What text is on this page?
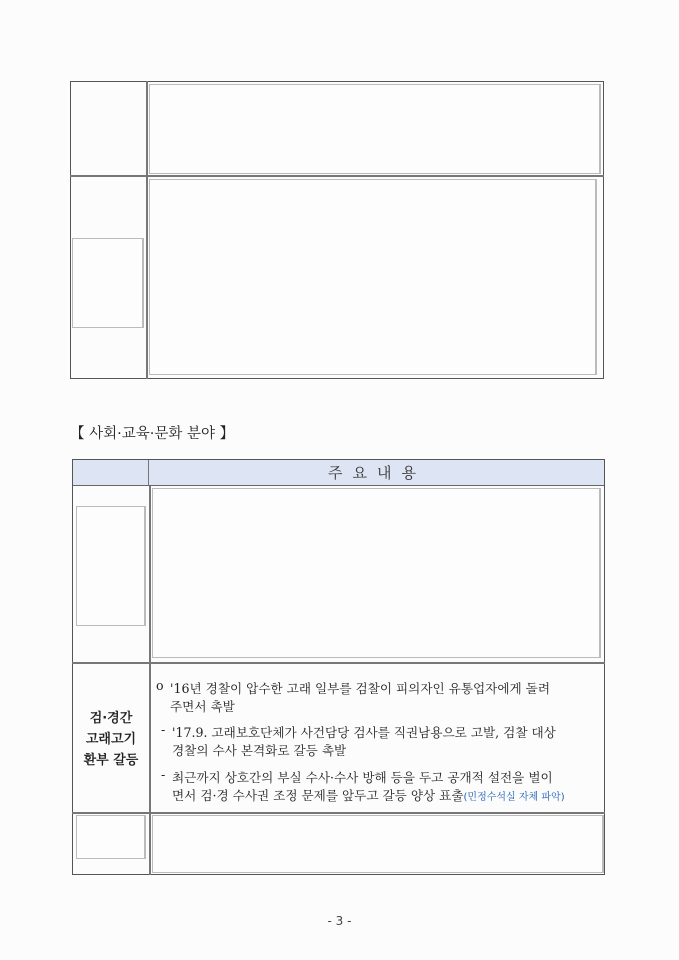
【 사회·교육·문화 분야 】
주요내용
검·경간
고래고기
환부 갈등
o '16년 경찰이 압수한 고래 일부를 검찰이 피의자인 유통업자에게 돌려
주면서 촉발
- '17.9. 고래보호단체가 사건담당 검사를 직권남용으로 고발, 검찰 대상
경찰의 수사 본격화로 갈등 촉발
- 최근까지 상호간의 부실 수사·수사 방해 등을 두고 공개적 설전을 벌이
면서 검·경 수사권 조정 문제를 앞두고 갈등 양상 표출(민정수석실 자체 파악)
- 3 -
